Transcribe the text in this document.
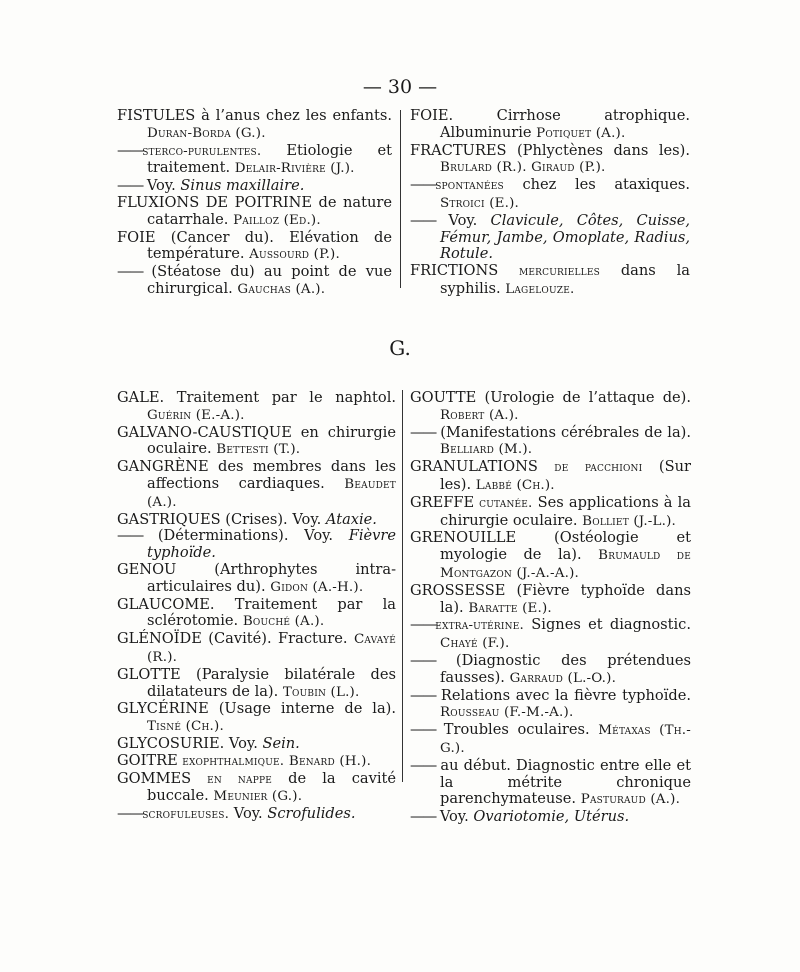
— 30 —

FISTULES à l’anus chez les enfants. Duran-Borda (G.).

——sterco-purulentes. Etiologie et traitement. Delair-Rivière (J.).

—— Voy. Sinus maxillaire.

FLUXIONS DE POITRINE de nature catarrhale. Pailloz (Ed.).

FOIE (Cancer du). Elévation de température. Aussourd (P.).

—— (Stéatose du) au point de vue chirurgical. Gauchas (A.).

FOIE. Cirrhose atrophique. Albuminurie Potiquet (A.).

FRACTURES (Phlyctènes dans les). Brulard (R.). Giraud (P.).

——spontanées chez les ataxiques. Stroici (E.).

—— Voy. Clavicule, Côtes, Cuisse, Fémur, Jambe, Omoplate, Radius, Rotule.

FRICTIONS mercurielles dans la syphilis. Lagelouze.

G.

GALE. Traitement par le naphtol. Guérin (E.-A.).

GALVANO-CAUSTIQUE en chirurgie oculaire. Bettesti (T.).

GANGRÈNE des membres dans les affections cardiaques. Beaudet (A.).

GASTRIQUES (Crises). Voy. Ataxie.

—— (Déterminations). Voy. Fièvre typhoïde.

GENOU (Arthrophytes intra-articulaires du). Gidon (A.-H.).

GLAUCOME. Traitement par la sclérotomie. Bouché (A.).

GLÉNOÏDE (Cavité). Fracture. Cavayé (R.).

GLOTTE (Paralysie bilatérale des dilatateurs de la). Toubin (L.).

GLYCÉRINE (Usage interne de la). Tisné (Ch.).

GLYCOSURIE. Voy. Sein.

GOITRE exophthalmique. Benard (H.).

GOMMES en nappe de la cavité buccale. Meunier (G.).

——scrofuleuses. Voy. Scrofulides.

GOUTTE (Urologie de l’attaque de). Robert (A.).

—— (Manifestations cérébrales de la). Belliard (M.).

GRANULATIONS de pacchioni (Sur les). Labbé (Ch.).

GREFFE cutanée. Ses applications à la chirurgie oculaire. Bolliet (J.-L.).

GRENOUILLE (Ostéologie et myologie de la). Brumauld de Montgazon (J.-A.-A.).

GROSSESSE (Fièvre typhoïde dans la). Baratte (E.).

——extra-utérine. Signes et diagnostic. Chayé (F.).

—— (Diagnostic des prétendues fausses). Garraud (L.-O.).

—— Relations avec la fièvre typhoïde. Rousseau (F.-M.-A.).

—— Troubles oculaires. Métaxas (Th.-G.).

—— au début. Diagnostic entre elle et la métrite chronique parenchymateuse. Pasturaud (A.).

—— Voy. Ovariotomie, Utérus.
